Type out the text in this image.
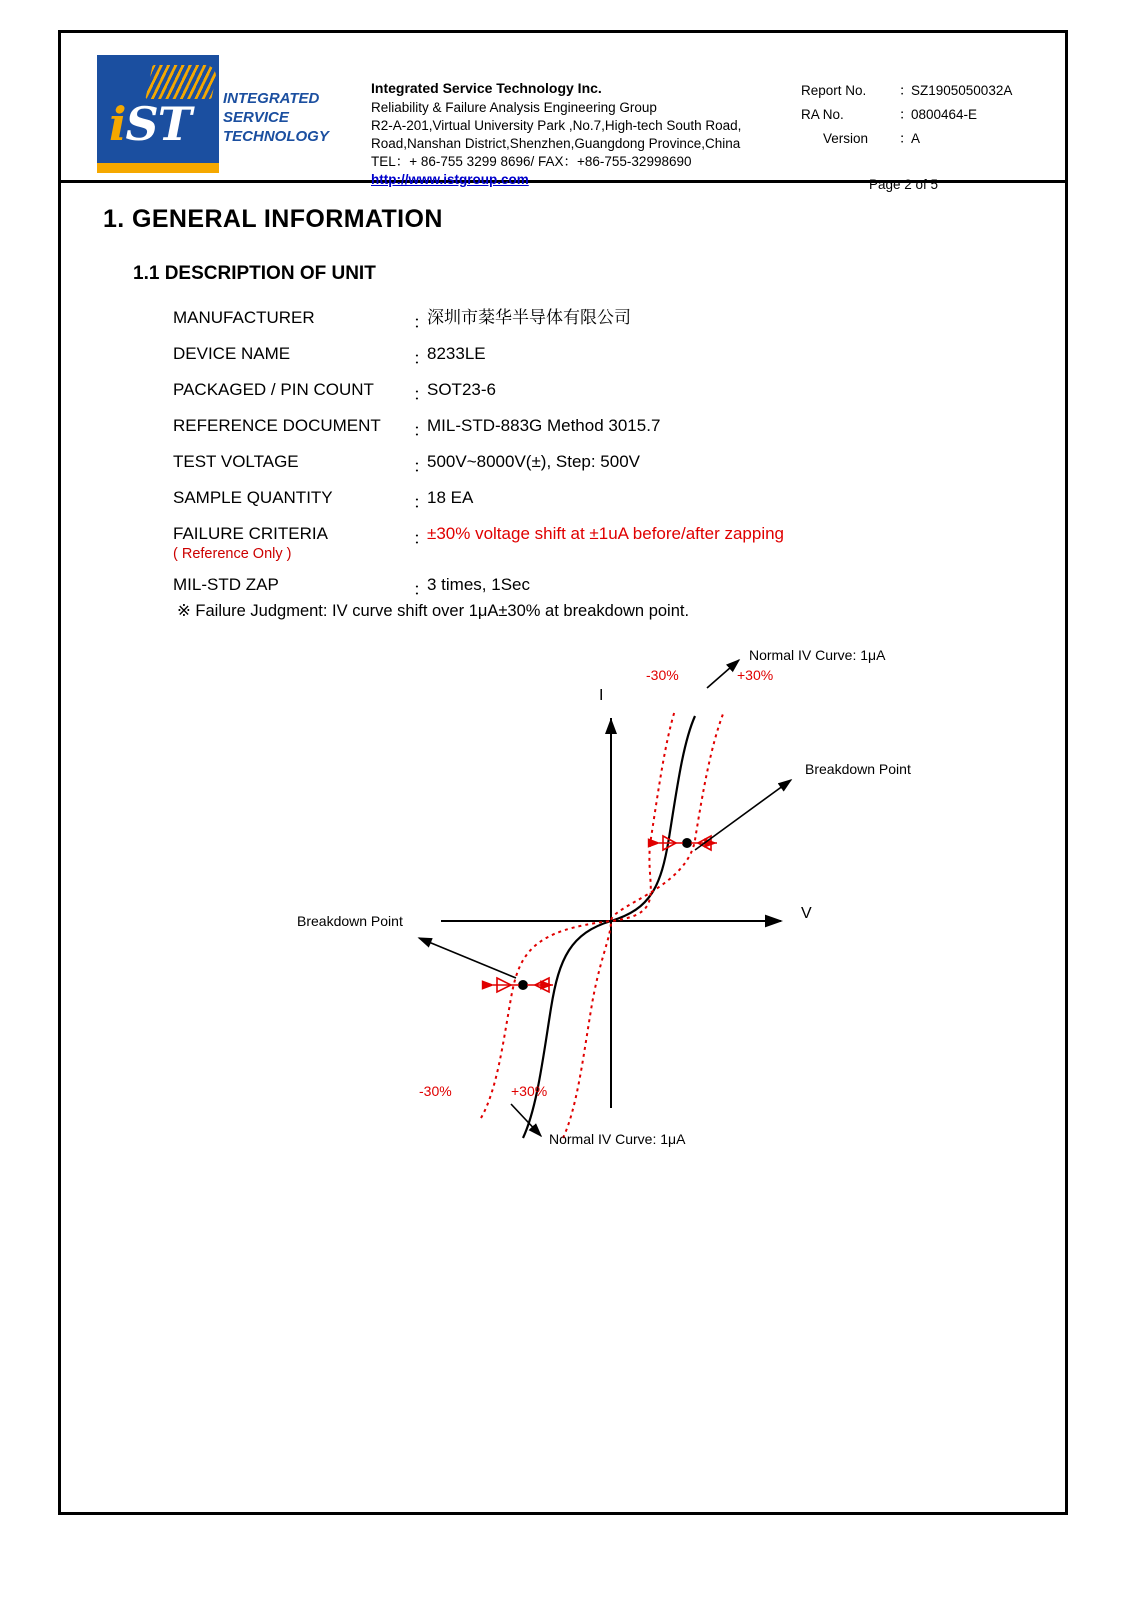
iST INTEGRATED
SERVICE
TECHNOLOGY
Integrated Service Technology Inc.
Reliability & Failure Analysis Engineering Group
R2-A-201,Virtual University Park ,No.7,High-tech South Road,
Road,Nanshan District,Shenzhen,Guangdong Province,China
TEL：+ 86-755 3299 8696/ FAX：+86-755-32998690
http://www.istgroup.com
Report No.	：
SZ1905050032A
RA No.	：
0800464-E
Version	：
A
Page 2 of 5
1. GENERAL INFORMATION
1.1 DESCRIPTION OF UNIT
MANUFACTURER	：
深圳市棻华半导体有限公司
DEVICE NAME	：
8233LE
PACKAGED / PIN COUNT	：
SOT23-6
REFERENCE DOCUMENT	：
MIL-STD-883G Method 3015.7
TEST VOLTAGE	：
500V~8000V(±), Step: 500V
SAMPLE QUANTITY	：
18 EA
FAILURE CRITERIA
( Reference Only )
：
±30% voltage shift at ±1uA before/after zapping
MIL-STD ZAP	：
3 times, 1Sec
※ Failure Judgment: IV curve shift over 1μA±30% at breakdown point.
I
V
-30%	+30%
-30%	+30%
Normal IV Curve: 1μA
Breakdown Point
Breakdown Point
Normal IV Curve: 1μA
